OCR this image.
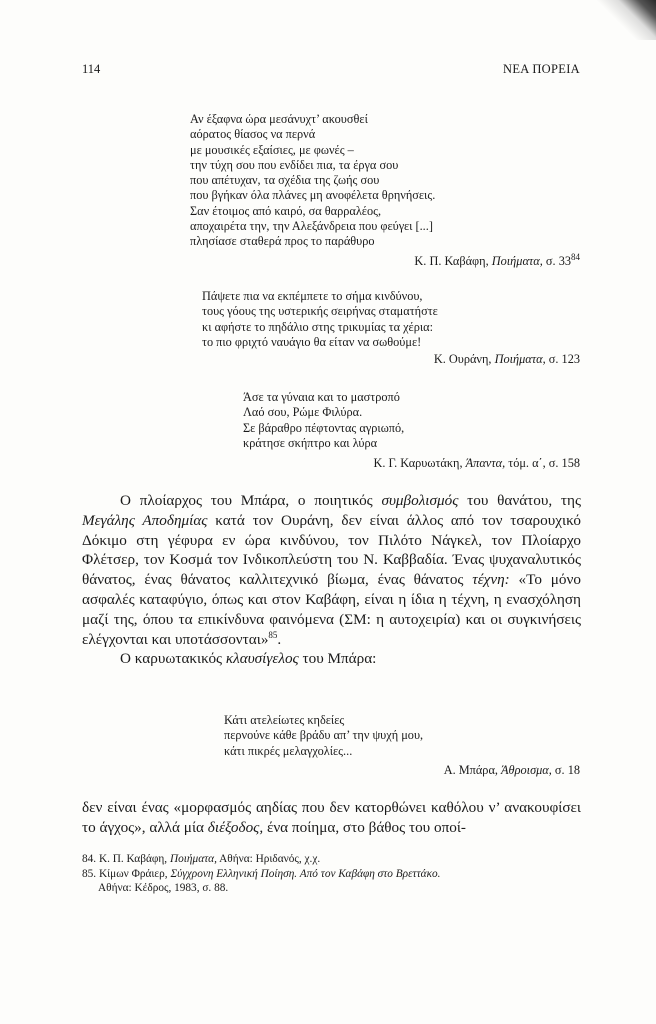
114	ΝΕΑ ΠΟΡΕΙΑ
Αν έξαφνα ώρα μεσάνυχτ’ ακουσθεί
αόρατος θίασος να περνά
με μουσικές εξαίσιες, με φωνές –
την τύχη σου που ενδίδει πια, τα έργα σου
που απέτυχαν, τα σχέδια της ζωής σου
που βγήκαν όλα πλάνες μη ανοφέλετα θρηνήσεις.
Σαν έτοιμος από καιρό, σα θαρραλέος,
αποχαιρέτα την, την Αλεξάνδρεια που φεύγει [...]
πλησίασε σταθερά προς το παράθυρο
Κ. Π. Καβάφη, Ποιήματα, σ. $33^{84}$
Πάψετε πια να εκπέμπετε το σήμα κινδύνου,
τους γόους της υστερικής σειρήνας σταματήστε
κι αφήστε το πηδάλιο στης τρικυμίας τα χέρια:
το πιο φριχτό ναυάγιο θα είταν να σωθούμε!
Κ. Ουράνη, Ποιήματα, σ. 123
Άσε τα γύναια και το μαστροπό
Λαό σου, Ρώμε Φιλύρα.
Σε βάραθρο πέφτοντας αγριωπό,
κράτησε σκήπτρο και λύρα
Κ. Γ. Καρυωτάκη, Άπαντα, τόμ. α΄, σ. 158

Ο πλοίαρχος του Μπάρα, ο ποιητικός συμβολισμός του θανάτου, της Μεγάλης Αποδημίας κατά τον Ουράνη, δεν είναι άλλος από τον τσαρουχικό Δόκιμο στη γέφυρα εν ώρα κινδύνου, τον Πιλότο Νάγκελ, τον Πλοίαρχο Φλέτσερ, τον Κοσμά τον Ινδικοπλεύστη του Ν. Καββαδία. Ένας ψυχαναλυτικός θάνατος, ένας θάνατος καλλιτεχνικό βίωμα, ένας θάνατος τέχνη: «Το μόνο ασφαλές καταφύγιο, όπως και στον Καβάφη, είναι η ίδια η τέχνη, η ενασχόληση μαζί της, όπου τα επικίνδυνα φαινόμενα (ΣΜ: η αυτοχειρία) και οι συγκινήσεις ελέγχονται και υποτάσσονται»$^{85}$.

Ο καρυωτακικός κλαυσίγελος του Μπάρα:

Κάτι ατελείωτες κηδείες
περνούνε κάθε βράδυ απ’ την ψυχή μου,
κάτι πικρές μελαγχολίες...
Α. Μπάρα, Άθροισμα, σ. 18

δεν είναι ένας «μορφασμός αηδίας που δεν κατορθώνει καθόλου ν’ ανακουφίσει το άγχος», αλλά μία διέξοδος, ένα ποίημα, στο βάθος του οποί-

84. Κ. Π. Καβάφη, Ποιήματα, Αθήνα: Ηριδανός, χ.χ.
85. Κίμων Φράιερ, Σύγχρονη Ελληνική Ποίηση. Από τον Καβάφη στο Βρεττάκο.
Αθήνα: Κέδρος, 1983, σ. 88.
